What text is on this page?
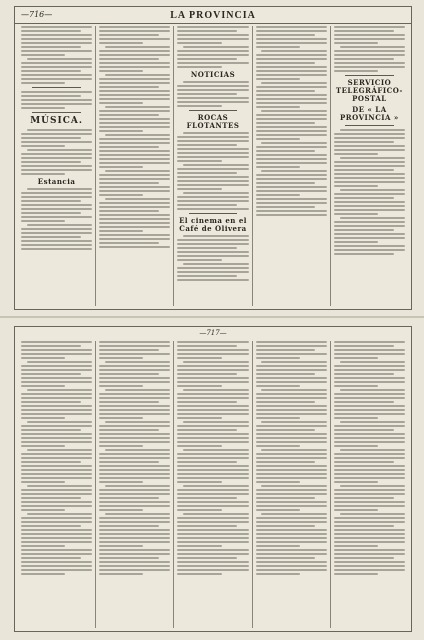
—716—	LA PROVINCIA
MÚSICA.
Estancia
NOTICIAS
ROCAS FLOTANTES
El cinema en el Café de Olivera
SERVICIO TELEGRÁFICO-POSTAL
DE « LA PROVINCIA »
—717—
